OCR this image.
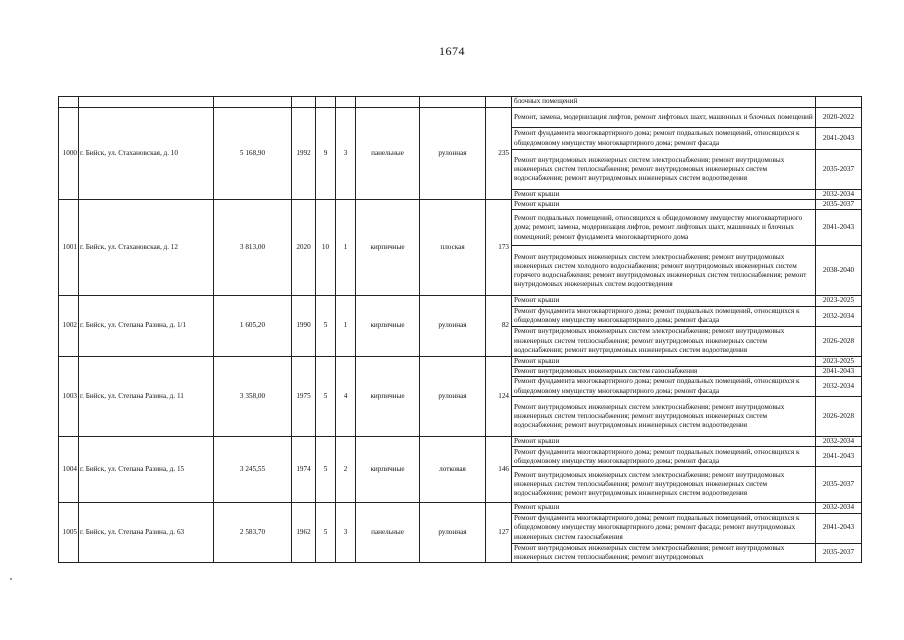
1674
									блочных помещений	
1000	г. Бийск, ул. Стахановская, д. 10	5 168,90	1992	9	3	панельные	рулонная	235	Ремонт, замена, модернизация лифтов, ремонт лифтовых шахт, машинных и блочных помещений	2020-2022
									Ремонт фундамента многоквартирного дома; ремонт подвальных помещений, относящихся к общедомовому имуществу многоквартирного дома; ремонт фасада	2041-2043
									Ремонт внутридомовых инженерных систем электроснабжения; ремонт внутридомовых инженерных систем теплоснабжения; ремонт внутридомовых инженерных систем водоснабжения; ремонт внутридомовых инженерных систем водоотведения	2035-2037
									Ремонт крыши	2032-2034
1001	г. Бийск, ул. Стахановская, д. 12	3 813,00	2020	10	1	кирпичные	плоская	173	Ремонт крыши	2035-2037
									Ремонт подвальных помещений, относящихся к общедомовому имуществу многоквартирного дома; ремонт, замена, модернизация лифтов, ремонт лифтовых шахт, машинных и блочных помещений; ремонт фундамента многоквартирного дома	2041-2043
									Ремонт внутридомовых инженерных систем электроснабжения; ремонт внутридомовых инженерных систем холодного водоснабжения; ремонт внутридомовых инженерных систем горячего водоснабжения; ремонт внутридомовых инженерных систем теплоснабжения; ремонт внутридомовых инженерных систем водоотведения	2038-2040
1002	г. Бийск, ул. Степана Разина, д. 1/1	1 605,20	1990	5	1	кирпичные	рулонная	82	Ремонт крыши	2023-2025
									Ремонт фундамента многоквартирного дома; ремонт подвальных помещений, относящихся к общедомовому имуществу многоквартирного дома; ремонт фасада	2032-2034
									Ремонт внутридомовых инженерных систем электроснабжения; ремонт внутридомовых инженерных систем теплоснабжения; ремонт внутридомовых инженерных систем водоснабжения; ремонт внутридомовых инженерных систем водоотведения	2026-2028
1003	г. Бийск, ул. Степана Разина, д. 11	3 358,00	1975	5	4	кирпичные	рулонная	124	Ремонт крыши	2023-2025
									Ремонт внутридомовых инженерных систем газоснабжения	2041-2043
									Ремонт фундамента многоквартирного дома; ремонт подвальных помещений, относящихся к общедомовому имуществу многоквартирного дома; ремонт фасада	2032-2034
									Ремонт внутридомовых инженерных систем электроснабжения; ремонт внутридомовых инженерных систем теплоснабжения; ремонт внутридомовых инженерных систем водоснабжения; ремонт внутридомовых инженерных систем водоотведения	2026-2028
1004	г. Бийск, ул. Степана Разина, д. 15	3 245,55	1974	5	2	кирпичные	лотковая	146	Ремонт крыши	2032-2034
									Ремонт фундамента многоквартирного дома; ремонт подвальных помещений, относящихся к общедомовому имуществу многоквартирного дома; ремонт фасада	2041-2043
									Ремонт внутридомовых инженерных систем электроснабжения; ремонт внутридомовых инженерных систем теплоснабжения; ремонт внутридомовых инженерных систем водоснабжения; ремонт внутридомовых инженерных систем водоотведения	2035-2037
1005	г. Бийск, ул. Степана Разина, д. 63	2 583,70	1962	5	3	панельные	рулонная	127	Ремонт крыши	2032-2034
									Ремонт фундамента многоквартирного дома; ремонт подвальных помещений, относящихся к общедомовому имуществу многоквартирного дома; ремонт фасада; ремонт внутридомовых инженерных систем газоснабжения	2041-2043
									Ремонт внутридомовых инженерных систем электроснабжения; ремонт внутридомовых инженерных систем теплоснабжения; ремонт внутридомовых	2035-2037
